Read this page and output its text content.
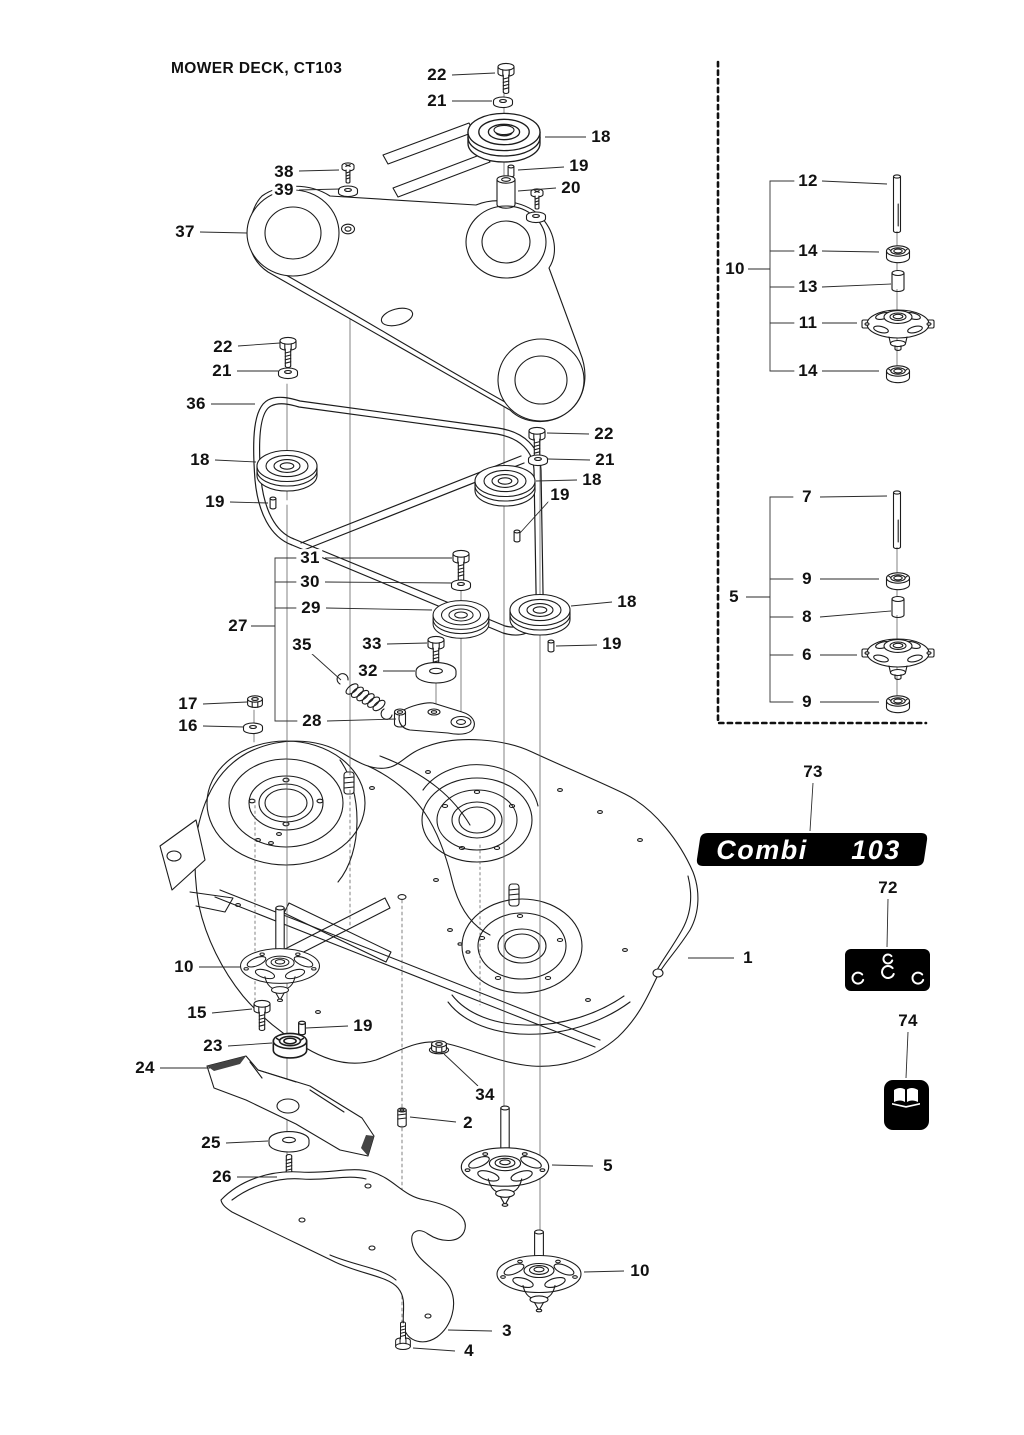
Combi 103
22
21
18
19
20
38
39
37
22
21
36
18
19
22
21
18
19
18
19
31
30
29
27
35	33
32
28
17
16
10
15
19
23
24
25
26
34
2
5
10
3
4
1
73
72
74
12
14
13
11
14
10
7
9
8
6
9
5
MOWER DECK, CT103
